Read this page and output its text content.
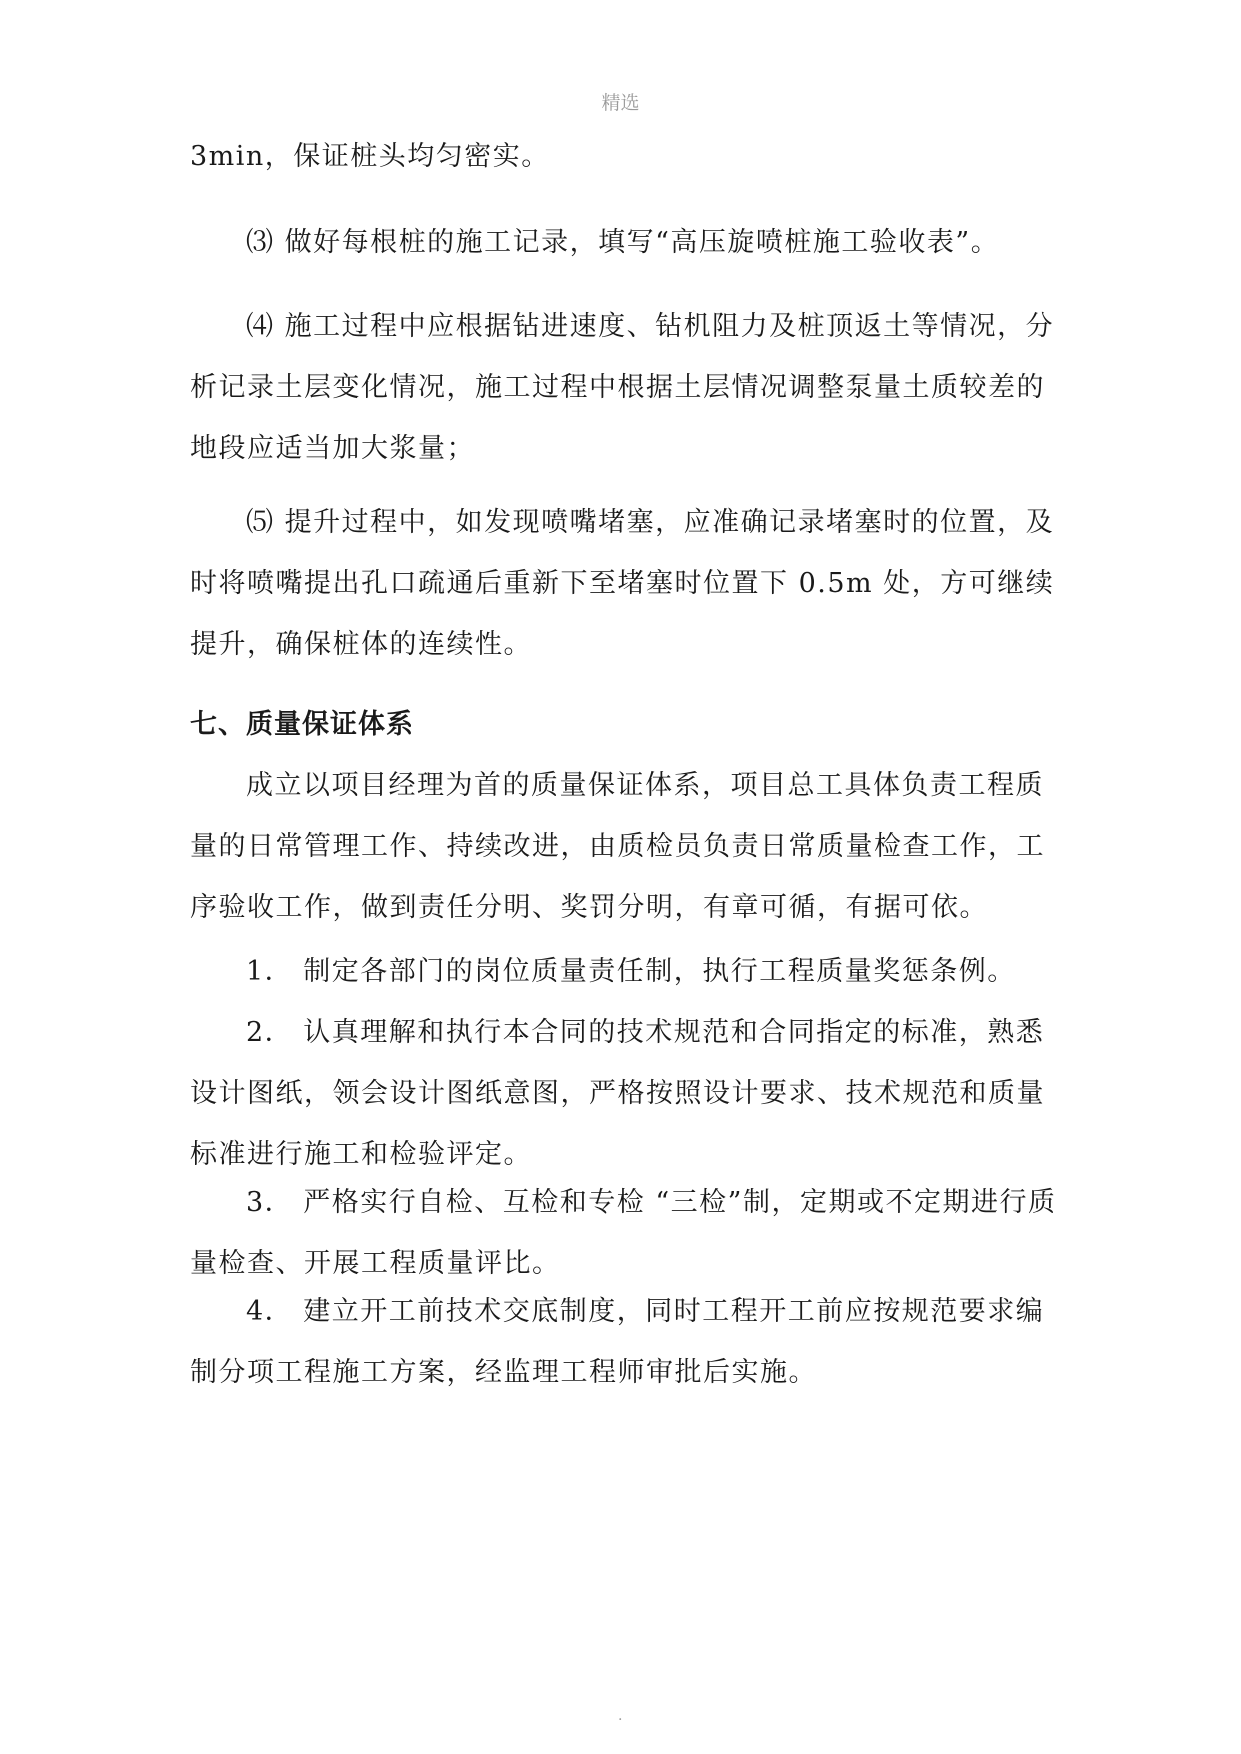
精选
3min，保证桩头均匀密实。
⑶ 做好每根桩的施工记录，填写“高压旋喷桩施工验收表”。
⑷ 施工过程中应根据钻进速度、钻机阻力及桩顶返土等情况，分析记录土层变化情况，施工过程中根据土层情况调整泵量土质较差的地段应适当加大浆量；
⑸ 提升过程中，如发现喷嘴堵塞，应准确记录堵塞时的位置，及时将喷嘴提出孔口疏通后重新下至堵塞时位置下 0.5m 处，方可继续提升，确保桩体的连续性。
七、质量保证体系
成立以项目经理为首的质量保证体系，项目总工具体负责工程质量的日常管理工作、持续改进，由质检员负责日常质量检查工作，工序验收工作，做到责任分明、奖罚分明，有章可循，有据可依。
1． 制定各部门的岗位质量责任制，执行工程质量奖惩条例。
2． 认真理解和执行本合同的技术规范和合同指定的标准，熟悉设计图纸，领会设计图纸意图，严格按照设计要求、技术规范和质量标准进行施工和检验评定。
3． 严格实行自检、互检和专检 “三检”制，定期或不定期进行质量检查、开展工程质量评比。
4． 建立开工前技术交底制度，同时工程开工前应按规范要求编制分项工程施工方案，经监理工程师审批后实施。
.
